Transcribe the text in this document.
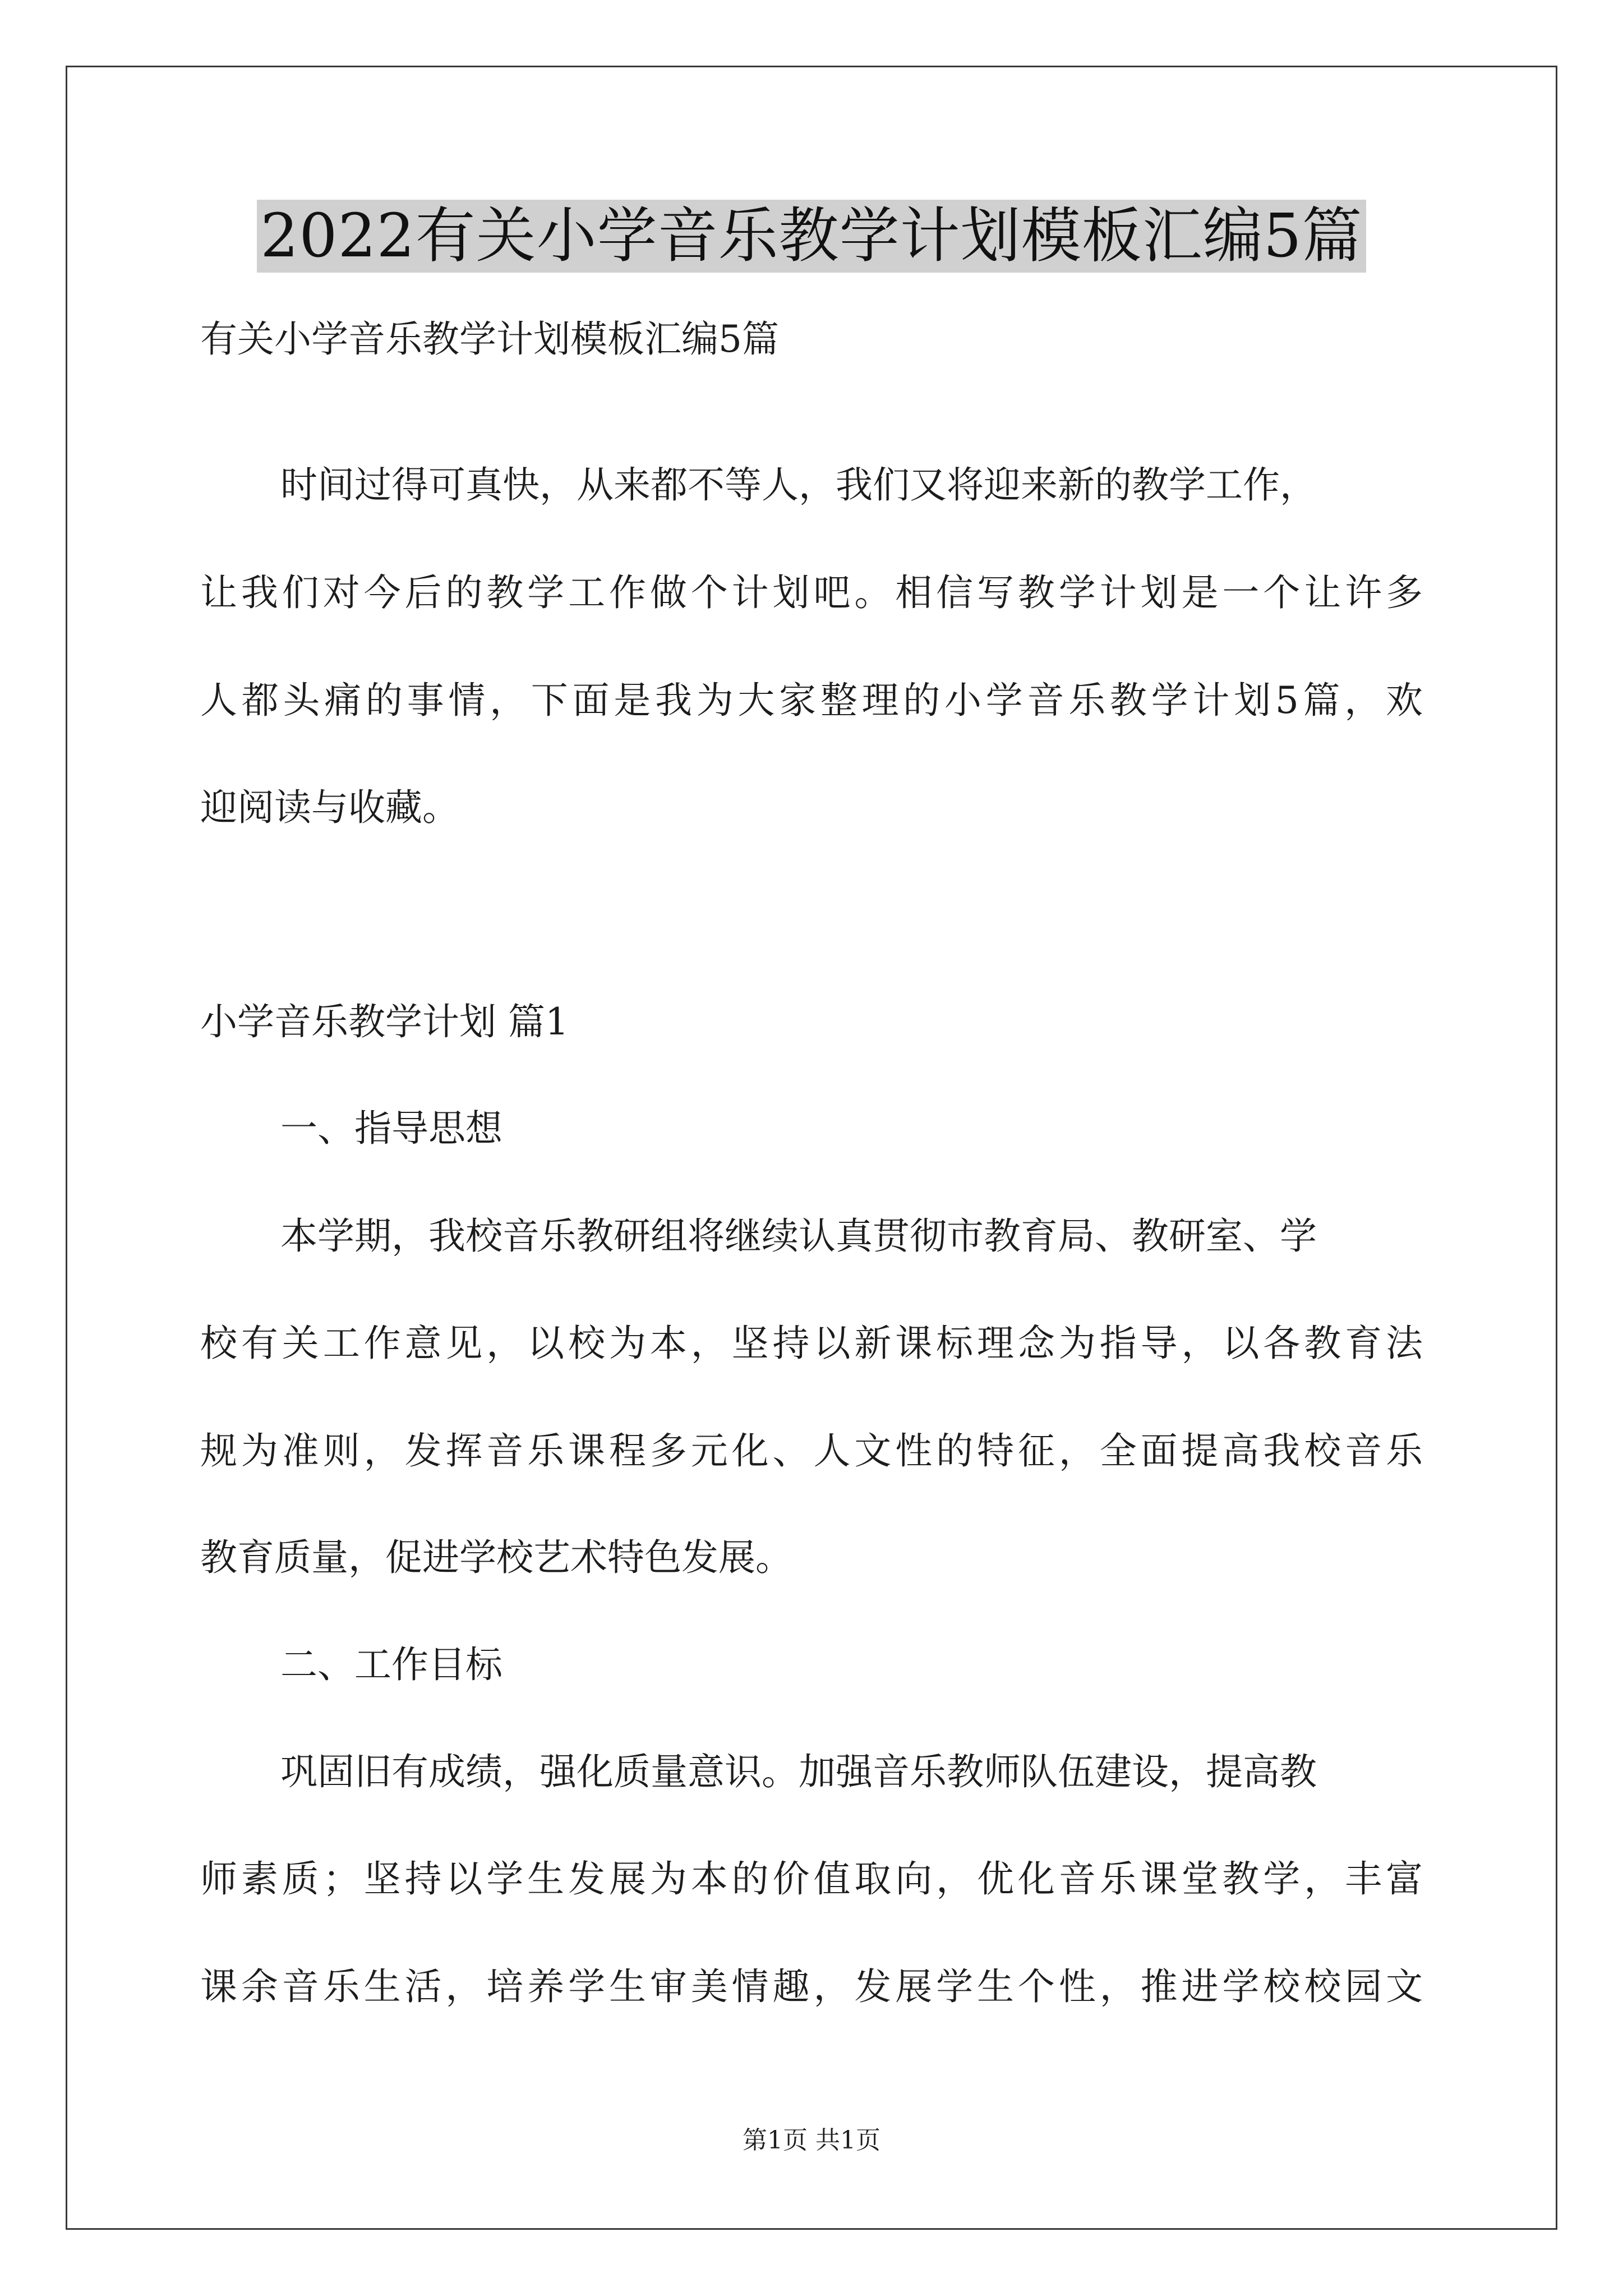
2022有关小学音乐教学计划模板汇编5篇
有关小学音乐教学计划模板汇编5篇
时间过得可真快，从来都不等人，我们又将迎来新的教学工作，
让我们对今后的教学工作做个计划吧。相信写教学计划是一个让许多
人都头痛的事情，下面是我为大家整理的小学音乐教学计划5篇，欢
迎阅读与收藏。
小学音乐教学计划 篇1
一、指导思想
本学期，我校音乐教研组将继续认真贯彻市教育局、教研室、学
校有关工作意见，以校为本，坚持以新课标理念为指导，以各教育法
规为准则，发挥音乐课程多元化、人文性的特征，全面提高我校音乐
教育质量，促进学校艺术特色发展。
二、工作目标
巩固旧有成绩，强化质量意识。加强音乐教师队伍建设，提高教
师素质；坚持以学生发展为本的价值取向，优化音乐课堂教学，丰富
课余音乐生活，培养学生审美情趣，发展学生个性，推进学校校园文
第1页 共1页
